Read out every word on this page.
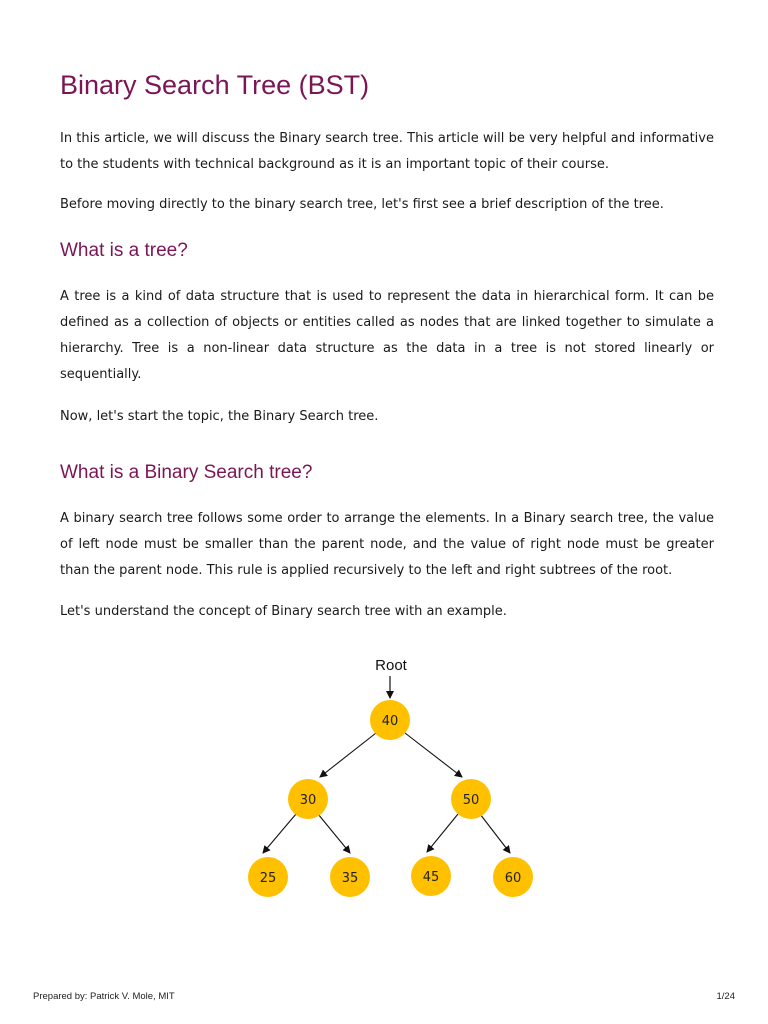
Binary Search Tree (BST)

In this article, we will discuss the Binary search tree. This article will be very helpful and informative to the students with technical background as it is an important topic of their course.

Before moving directly to the binary search tree, let's first see a brief description of the tree.

What is a tree?

A tree is a kind of data structure that is used to represent the data in hierarchical form. It can be defined as a collection of objects or entities called as nodes that are linked together to simulate a hierarchy. Tree is a non-linear data structure as the data in a tree is not stored linearly or sequentially.

Now, let's start the topic, the Binary Search tree.

What is a Binary Search tree?

A binary search tree follows some order to arrange the elements. In a Binary search tree, the value of left node must be smaller than the parent node, and the value of right node must be greater than the parent node. This rule is applied recursively to the left and right subtrees of the root.

Let's understand the concept of Binary search tree with an example.

Root
40
30	50
25	35	45	60
Prepared by: Patrick V. Mole, MIT	1/24
